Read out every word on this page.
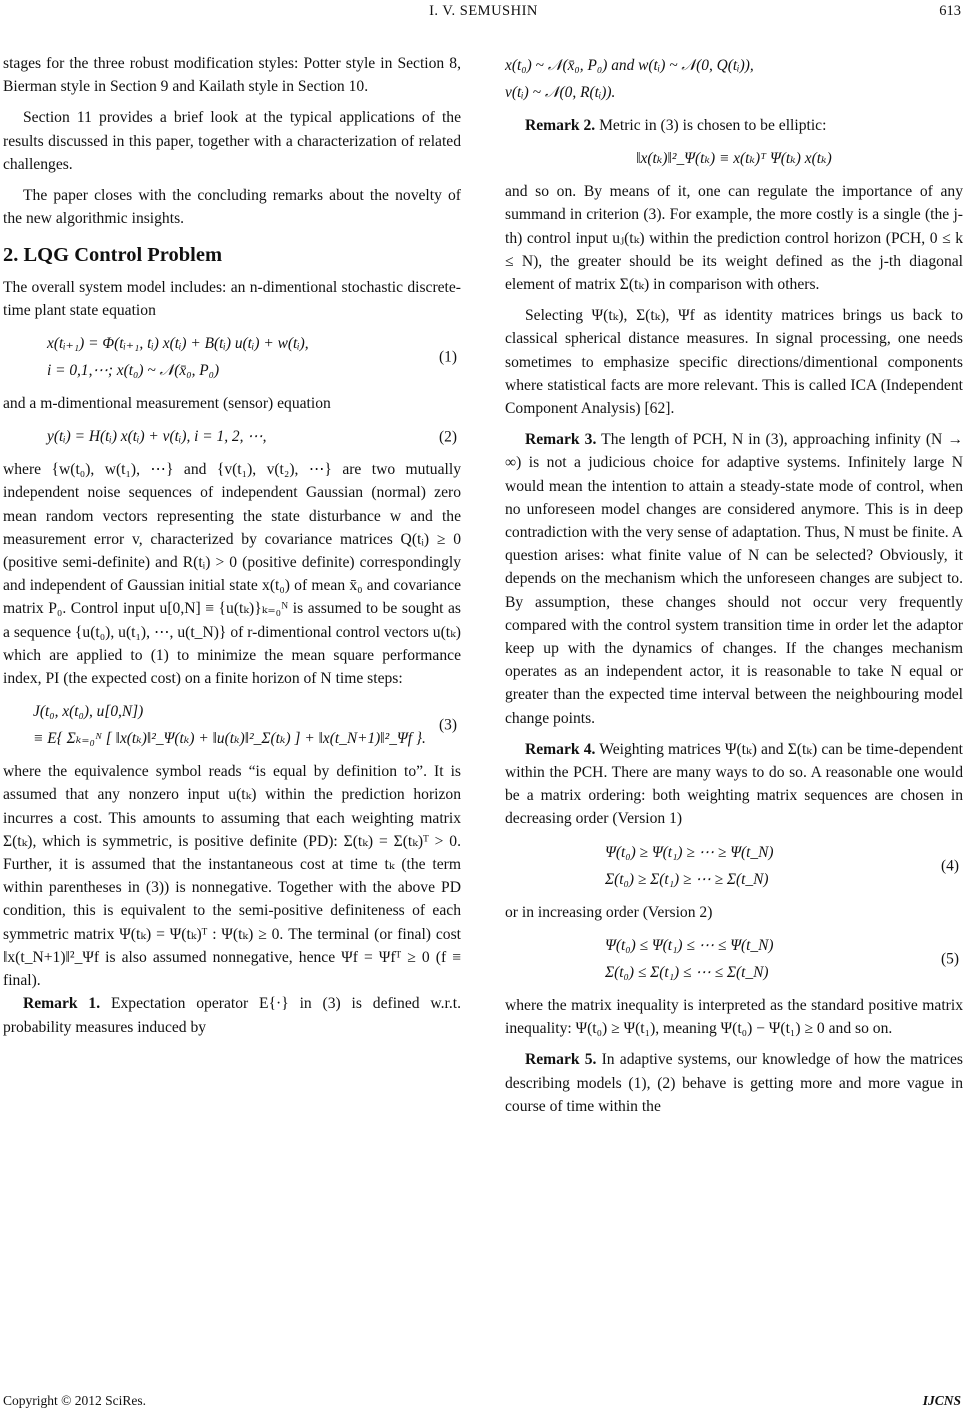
I. V. SEMUSHIN	613

stages for the three robust modification styles: Potter style in Section 8, Bierman style in Section 9 and Kailath style in Section 10.

Section 11 provides a brief look at the typical applications of the results discussed in this paper, together with a characterization of related challenges.

The paper closes with the concluding remarks about the novelty of the new algorithmic insights.

2. LQG Control Problem

The overall system model includes: an n-dimentional stochastic discrete-time plant state equation

x(tᵢ₊₁) = Φ(tᵢ₊₁, tᵢ) x(tᵢ) + B(tᵢ) u(tᵢ) + w(tᵢ),
i = 0,1,⋯; x(t₀) ~ 𝒩(x̄₀, P₀)
(1)

and a m-dimentional measurement (sensor) equation

y(tᵢ) = H(tᵢ) x(tᵢ) + v(tᵢ), i = 1, 2, ⋯,	(2)

where {w(t₀), w(t₁), ⋯} and {v(t₁), v(t₂), ⋯} are two mutually independent noise sequences of independent Gaussian (normal) zero mean random vectors representing the state disturbance w and the measurement error v, characterized by covariance matrices Q(tᵢ) ≥ 0 (positive semi-definite) and R(tᵢ) > 0 (positive definite) correspondingly and independent of Gaussian initial state x(t₀) of mean x̄₀ and covariance matrix P₀. Control input u[0,N] ≡ {u(tₖ)}ₖ₌₀ᴺ is assumed to be sought as a sequence {u(t₀), u(t₁), ⋯, u(t_N)} of r-dimentional control vectors u(tₖ) which are applied to (1) to minimize the mean square performance index, PI (the expected cost) on a finite horizon of N time steps:

J(t₀, x(t₀), u[0,N])
≡ E{ Σₖ₌₀ᴺ [ ‖x(tₖ)‖²_Ψ(tₖ) + ‖u(tₖ)‖²_Σ(tₖ) ] + ‖x(t_N+1)‖²_Ψf }.
(3)

where the equivalence symbol reads “is equal by definition to”. It is assumed that any nonzero input u(tₖ) within the prediction horizon incurres a cost. This amounts to assuming that each weighting matrix Σ(tₖ), which is symmetric, is positive definite (PD): Σ(tₖ) = Σ(tₖ)ᵀ > 0. Further, it is assumed that the instantaneous cost at time tₖ (the term within parentheses in (3)) is nonnegative. Together with the above PD condition, this is equivalent to the semi-positive definiteness of each symmetric matrix Ψ(tₖ) = Ψ(tₖ)ᵀ : Ψ(tₖ) ≥ 0. The terminal (or final) cost ‖x(t_N+1)‖²_Ψf is also assumed nonnegative, hence Ψf = Ψfᵀ ≥ 0 (f ≡ final).

Remark 1. Expectation operator E{·} in (3) is defined w.r.t. probability measures induced by

x(t₀) ~ 𝒩(x̄₀, P₀) and w(tᵢ) ~ 𝒩(0, Q(tᵢ)),
v(tᵢ) ~ 𝒩(0, R(tᵢ)).

Remark 2. Metric in (3) is chosen to be elliptic:

‖x(tₖ)‖²_Ψ(tₖ) ≡ x(tₖ)ᵀ Ψ(tₖ) x(tₖ)

and so on. By means of it, one can regulate the importance of any summand in criterion (3). For example, the more costly is a single (the j-th) control input uⱼ(tₖ) within the prediction control horizon (PCH, 0 ≤ k ≤ N), the greater should be its weight defined as the j-th diagonal element of matrix Σ(tₖ) in comparison with others.

Selecting Ψ(tₖ), Σ(tₖ), Ψf as identity matrices brings us back to classical spherical distance measures. In signal processing, one needs sometimes to emphasize specific directions/dimentional components where statistical facts are more relevant. This is called ICA (Independent Component Analysis) [62].

Remark 3. The length of PCH, N in (3), approaching infinity (N → ∞) is not a judicious choice for adaptive systems. Infinitely large N would mean the intention to attain a steady-state mode of control, when no unforeseen model changes are considered anymore. This is in deep contradiction with the very sense of adaptation. Thus, N must be finite. A question arises: what finite value of N can be selected? Obviously, it depends on the mechanism which the unforeseen changes are subject to. By assumption, these changes should not occur very frequently compared with the control system transition time in order let the adaptor keep up with the dynamics of changes. If the changes mechanism operates as an independent actor, it is reasonable to take N equal or greater than the expected time interval between the neighbouring model change points.

Remark 4. Weighting matrices Ψ(tₖ) and Σ(tₖ) can be time-dependent within the PCH. There are many ways to do so. A reasonable one would be a matrix ordering: both weighting matrix sequences are chosen in decreasing order (Version 1)

Ψ(t₀) ≥ Ψ(t₁) ≥ ⋯ ≥ Ψ(t_N)
Σ(t₀) ≥ Σ(t₁) ≥ ⋯ ≥ Σ(t_N)
(4)

or in increasing order (Version 2)

Ψ(t₀) ≤ Ψ(t₁) ≤ ⋯ ≤ Ψ(t_N)
Σ(t₀) ≤ Σ(t₁) ≤ ⋯ ≤ Σ(t_N)
(5)

where the matrix inequality is interpreted as the standard positive matrix inequality: Ψ(t₀) ≥ Ψ(t₁), meaning Ψ(t₀) − Ψ(t₁) ≥ 0 and so on.

Remark 5. In adaptive systems, our knowledge of how the matrices describing models (1), (2) behave is getting more and more vague in course of time within the

Copyright © 2012 SciRes.	IJCNS
